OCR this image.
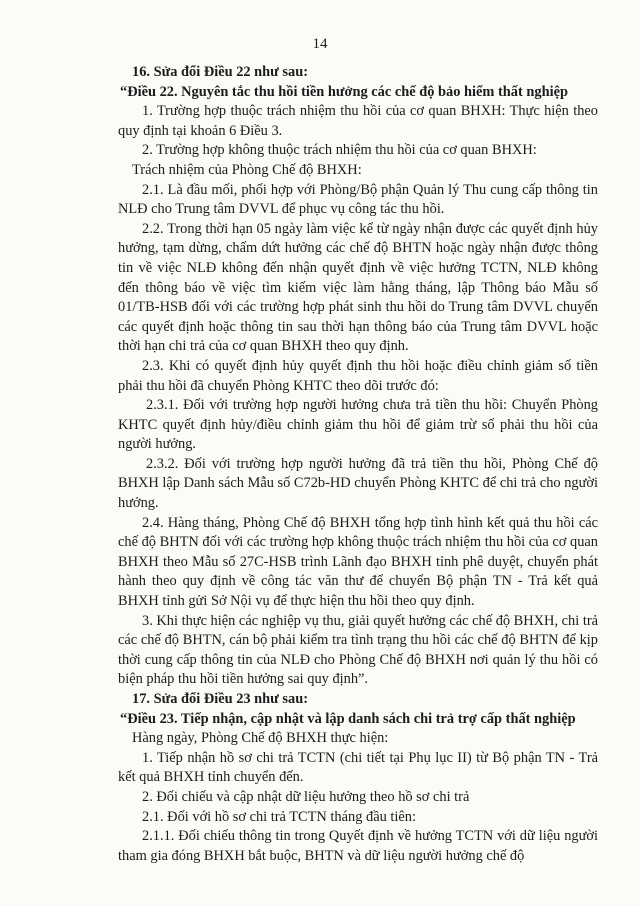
14

16. Sửa đổi Điều 22 như sau:

“Điều 22. Nguyên tắc thu hồi tiền hưởng các chế độ bảo hiểm thất nghiệp

1. Trường hợp thuộc trách nhiệm thu hồi của cơ quan BHXH: Thực hiện theo quy định tại khoản 6 Điều 3.

2. Trường hợp không thuộc trách nhiệm thu hồi của cơ quan BHXH:

Trách nhiệm của Phòng Chế độ BHXH:

2.1. Là đầu mối, phối hợp với Phòng/Bộ phận Quản lý Thu cung cấp thông tin NLĐ cho Trung tâm DVVL để phục vụ công tác thu hồi.

2.2. Trong thời hạn 05 ngày làm việc kể từ ngày nhận được các quyết định hủy hưởng, tạm dừng, chấm dứt hưởng các chế độ BHTN hoặc ngày nhận được thông tin về việc NLĐ không đến nhận quyết định về việc hưởng TCTN, NLĐ không đến thông báo về việc tìm kiếm việc làm hằng tháng, lập Thông báo Mẫu số 01/TB-HSB đối với các trường hợp phát sinh thu hồi do Trung tâm DVVL chuyển các quyết định hoặc thông tin sau thời hạn thông báo của Trung tâm DVVL hoặc thời hạn chi trả của cơ quan BHXH theo quy định.

2.3. Khi có quyết định hủy quyết định thu hồi hoặc điều chỉnh giảm số tiền phải thu hồi đã chuyển Phòng KHTC theo dõi trước đó:

2.3.1. Đối với trường hợp người hưởng chưa trả tiền thu hồi: Chuyển Phòng KHTC quyết định hủy/điều chỉnh giảm thu hồi để giảm trừ số phải thu hồi của người hưởng.

2.3.2. Đối với trường hợp người hưởng đã trả tiền thu hồi, Phòng Chế độ BHXH lập Danh sách Mẫu số C72b-HD chuyển Phòng KHTC để chi trả cho người hưởng.

2.4. Hàng tháng, Phòng Chế độ BHXH tổng hợp tình hình kết quả thu hồi các chế độ BHTN đối với các trường hợp không thuộc trách nhiệm thu hồi của cơ quan BHXH theo Mẫu số 27C-HSB trình Lãnh đạo BHXH tỉnh phê duyệt, chuyển phát hành theo quy định về công tác văn thư để chuyển Bộ phận TN - Trả kết quả BHXH tỉnh gửi Sở Nội vụ để thực hiện thu hồi theo quy định.

3. Khi thực hiện các nghiệp vụ thu, giải quyết hưởng các chế độ BHXH, chi trả các chế độ BHTN, cán bộ phải kiểm tra tình trạng thu hồi các chế độ BHTN để kịp thời cung cấp thông tin của NLĐ cho Phòng Chế độ BHXH nơi quản lý thu hồi có biện pháp thu hồi tiền hưởng sai quy định”.

17. Sửa đổi Điều 23 như sau:

“Điều 23. Tiếp nhận, cập nhật và lập danh sách chi trả trợ cấp thất nghiệp

Hàng ngày, Phòng Chế độ BHXH thực hiện:

1. Tiếp nhận hồ sơ chi trả TCTN (chi tiết tại Phụ lục II) từ Bộ phận TN - Trả kết quả BHXH tỉnh chuyển đến.

2. Đối chiếu và cập nhật dữ liệu hưởng theo hồ sơ chi trả

2.1. Đối với hồ sơ chi trả TCTN tháng đầu tiên:

2.1.1. Đối chiếu thông tin trong Quyết định về hưởng TCTN với dữ liệu người tham gia đóng BHXH bắt buộc, BHTN và dữ liệu người hưởng chế độ
